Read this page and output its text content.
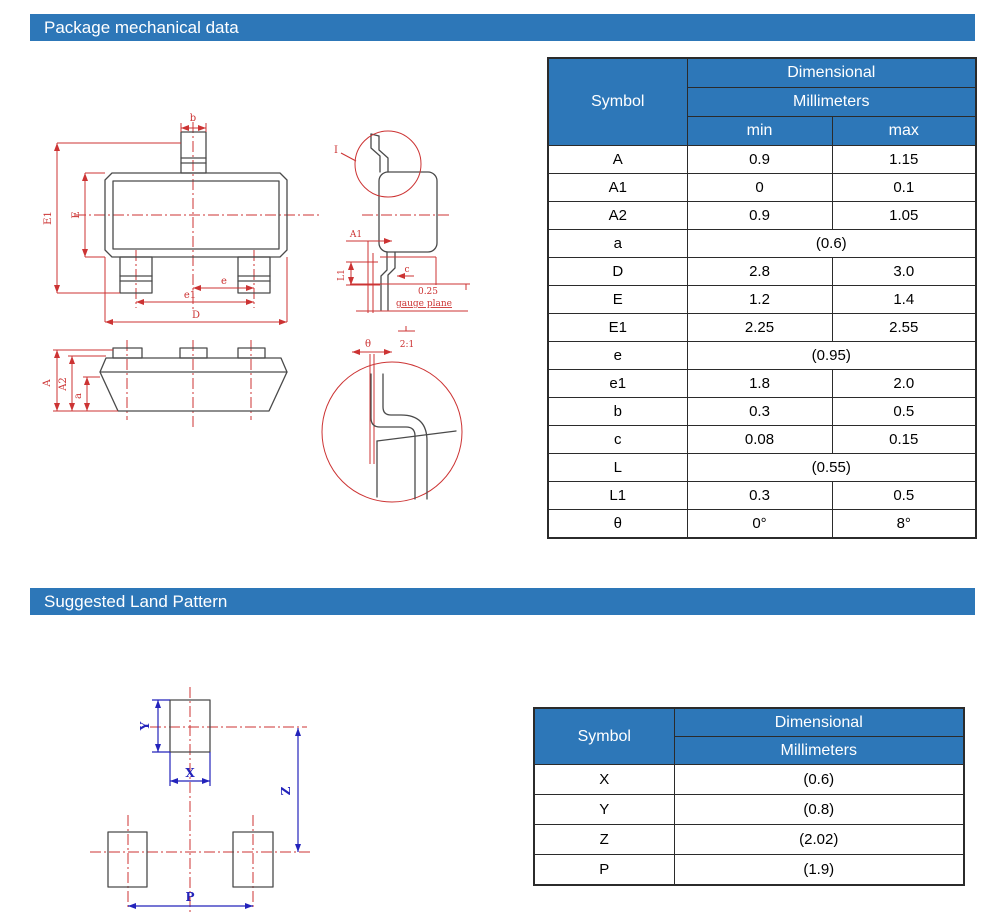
Package mechanical data
b
E1 E
e
e1
D
A A2
a
I
A1
c
L1
0.25
gauge plane
θ	2:1
Symbol	Dimensional	
	Millimeters	
	min	max
A	0.9	1.15
A1	0	0.1
A2	0.9	1.05
a	(0.6)	
D	2.8	3.0
E	1.2	1.4
E1	2.25	2.55
e	(0.95)	
e1	1.8	2.0
b	0.3	0.5
c	0.08	0.15
L	(0.55)	
L1	0.3	0.5
θ	0°	8°
Suggested Land Pattern
Y
X
Z
P
Symbol	Dimensional
	Millimeters
X	(0.6)
Y	(0.8)
Z	(2.02)
P	(1.9)
